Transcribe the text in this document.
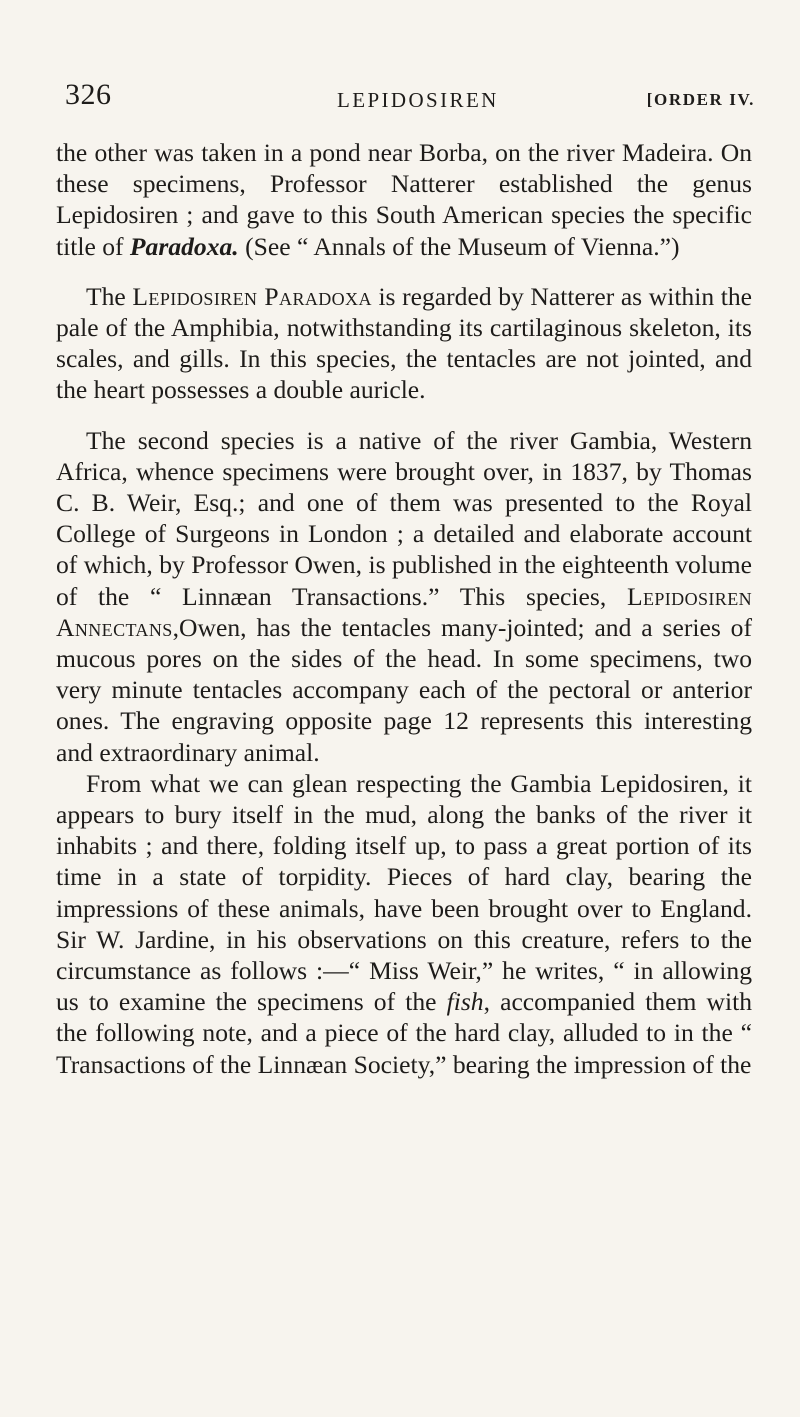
326	LEPIDOSIREN	[ORDER IV.

the other was taken in a pond near Borba, on the river Madeira. On these specimens, Professor Natterer established the genus Lepidosiren ; and gave to this South American species the specific title of Paradoxa. (See “ Annals of the Museum of Vienna.”)

The Lepidosiren Paradoxa is regarded by Natterer as within the pale of the Amphibia, notwithstanding its cartilaginous skeleton, its scales, and gills. In this species, the tentacles are not jointed, and the heart possesses a double auricle.

The second species is a native of the river Gambia, Western Africa, whence specimens were brought over, in 1837, by Thomas C. B. Weir, Esq.; and one of them was presented to the Royal College of Surgeons in London ; a detailed and elaborate account of which, by Professor Owen, is published in the eighteenth volume of the “ Linnæan Transactions.” This species, Lepidosiren Annectans,Owen, has the tentacles many-jointed; and a series of mucous pores on the sides of the head. In some specimens, two very minute tentacles accompany each of the pectoral or anterior ones. The engraving opposite page 12 represents this interesting and extraordinary animal.

From what we can glean respecting the Gambia Lepidosiren, it appears to bury itself in the mud, along the banks of the river it inhabits ; and there, folding itself up, to pass a great portion of its time in a state of torpidity. Pieces of hard clay, bearing the impressions of these animals, have been brought over to England. Sir W. Jardine, in his observations on this creature, refers to the circumstance as follows :—“ Miss Weir,” he writes, “ in allowing us to examine the specimens of the fish, accompanied them with the following note, and a piece of the hard clay, alluded to in the “ Transactions of the Linnæan Society,” bearing the impression of the
